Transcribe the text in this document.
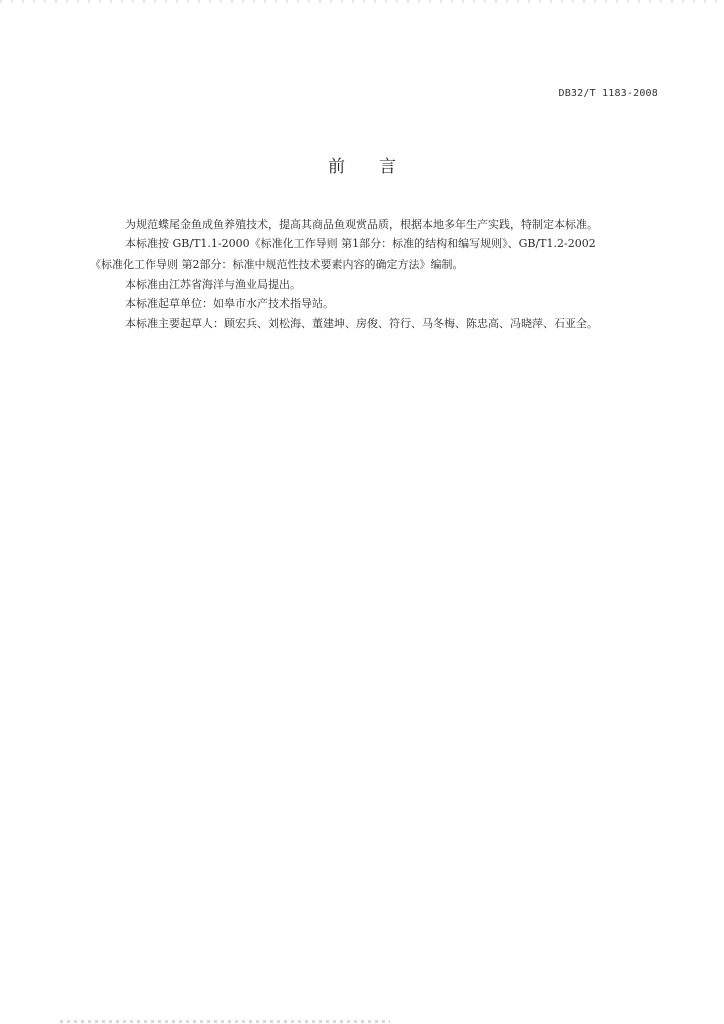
DB32/T 1183-2008
前 言
为规范蝶尾金鱼成鱼养殖技术，提高其商品鱼观赏品质，根据本地多年生产实践，特制定本标准。
本标准按 GB/T1.1-2000《标准化工作导则 第1部分：标准的结构和编写规则》、GB/T1.2-2002
《标准化工作导则 第2部分：标准中规范性技术要素内容的确定方法》编制。
本标准由江苏省海洋与渔业局提出。
本标准起草单位：如皋市水产技术指导站。
本标准主要起草人：顾宏兵、刘松海、董建坤、房俊、符行、马冬梅、陈忠高、冯晓萍、石亚全。
